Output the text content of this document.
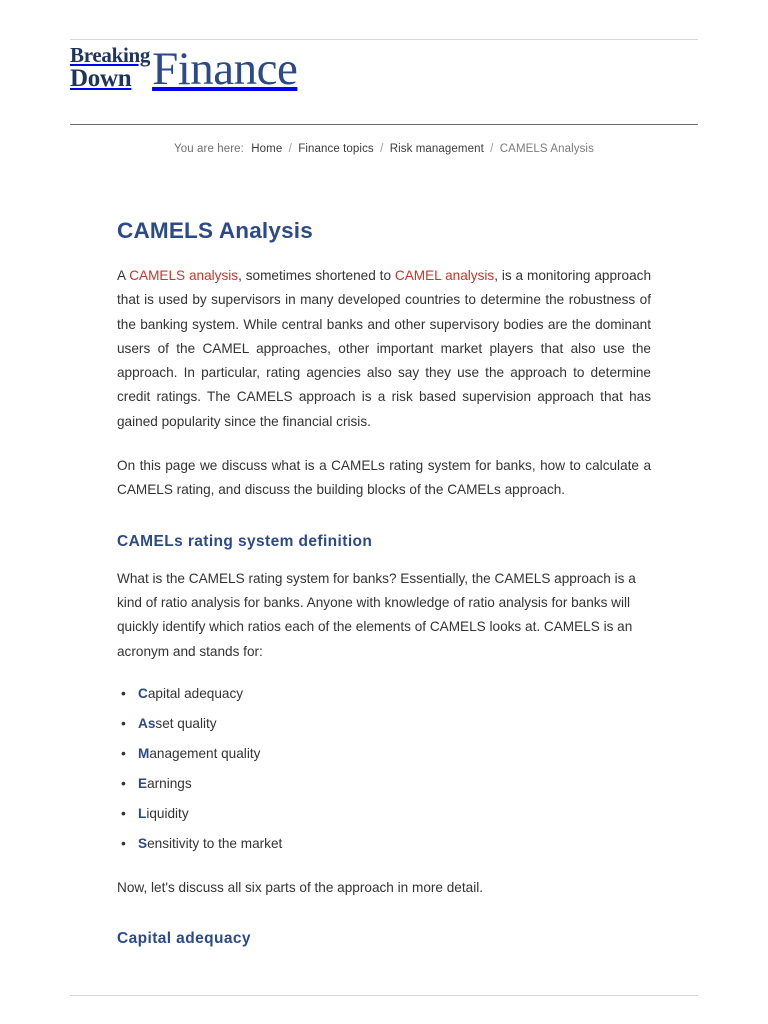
Breaking
Down Finance
You are here: Home / Finance topics / Risk management / CAMELS Analysis
CAMELS Analysis

A CAMELS analysis, sometimes shortened to CAMEL analysis, is a monitoring approach that is used by supervisors in many developed countries to determine the robustness of the banking system. While central banks and other supervisory bodies are the dominant users of the CAMEL approaches, other important market players that also use the approach. In particular, rating agencies also say they use the approach to determine credit ratings. The CAMELS approach is a risk based supervision approach that has gained popularity since the financial crisis.

On this page we discuss what is a CAMELs rating system for banks, how to calculate a CAMELS rating, and discuss the building blocks of the CAMELs approach.

CAMELs rating system definition

What is the CAMELS rating system for banks? Essentially, the CAMELS approach is a kind of ratio analysis for banks. Anyone with knowledge of ratio analysis for banks will quickly identify which ratios each of the elements of CAMELS looks at. CAMELS is an acronym and stands for:

• Capital adequacy
• Asset quality
• Management quality
• Earnings
• Liquidity
• Sensitivity to the market

Now, let's discuss all six parts of the approach in more detail.

Capital adequacy
